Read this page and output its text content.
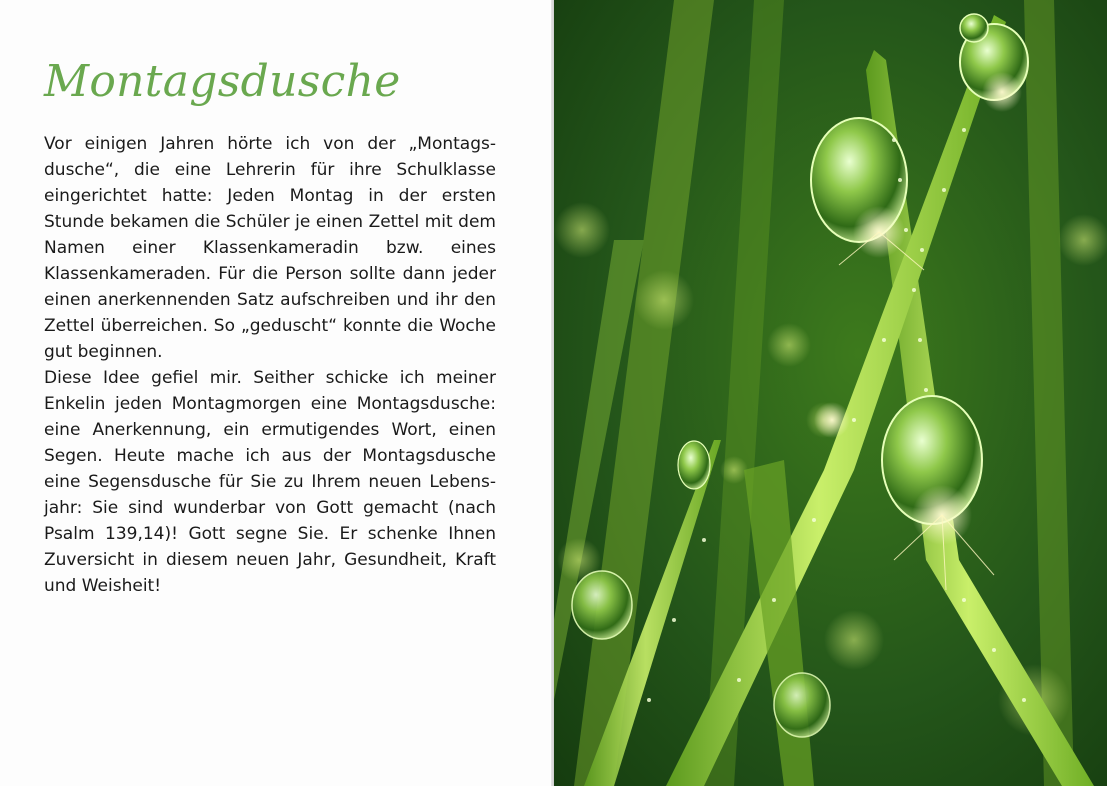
Montagsdusche

Vor einigen Jahren hörte ich von der „Montags-dusche“, die eine Lehrerin für ihre Schulklasse eingerichtet hatte: Jeden Montag in der ersten Stunde bekamen die Schüler je einen Zettel mit dem Namen einer Klassenkameradin bzw. eines Klassenkameraden. Für die Person sollte dann jeder einen anerkennenden Satz aufschreiben und ihr den Zettel überreichen. So „geduscht“ konnte die Woche gut beginnen.

Diese Idee gefiel mir. Seither schicke ich meiner Enkelin jeden Montagmorgen eine Montagsdusche: eine Anerkennung, ein ermutigendes Wort, einen Segen. Heute mache ich aus der Montagsdusche eine Segensdusche für Sie zu Ihrem neuen Lebens-jahr: Sie sind wunderbar von Gott gemacht (nach Psalm 139,14)! Gott segne Sie. Er schenke Ihnen Zuversicht in diesem neuen Jahr, Gesundheit, Kraft und Weisheit!
